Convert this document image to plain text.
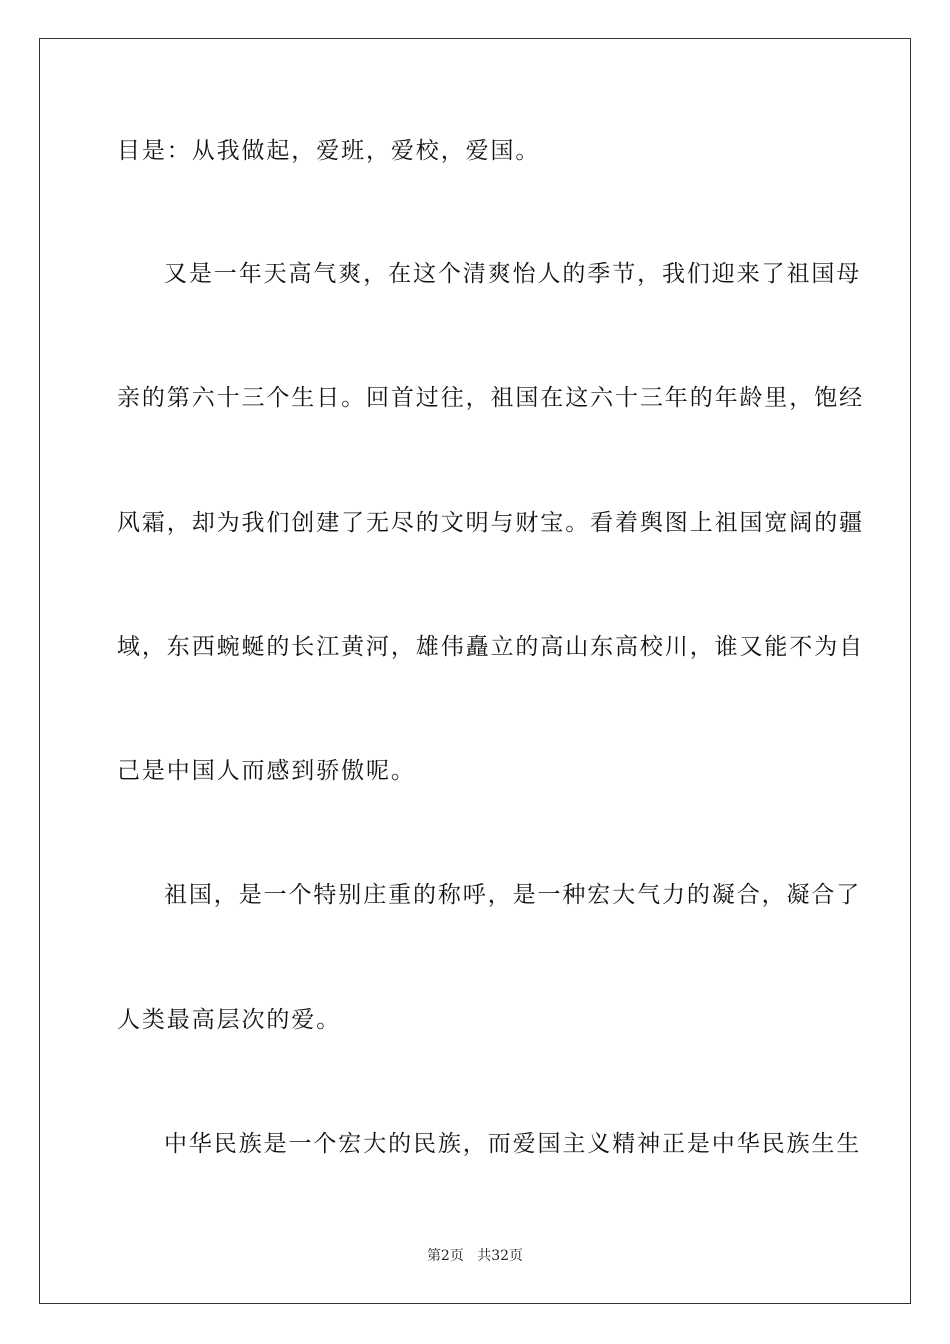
目是：从我做起，爱班，爱校，爱国。
又是一年天高气爽，在这个清爽怡人的季节，我们迎来了祖国母
亲的第六十三个生日。回首过往，祖国在这六十三年的年龄里，饱经
风霜，却为我们创建了无尽的文明与财宝。看着舆图上祖国宽阔的疆
域，东西蜿蜒的长江黄河，雄伟矗立的高山东高校川，谁又能不为自
己是中国人而感到骄傲呢。
祖国，是一个特别庄重的称呼，是一种宏大气力的凝合，凝合了
人类最高层次的爱。
中华民族是一个宏大的民族，而爱国主义精神正是中华民族生生
第2页 共32页
